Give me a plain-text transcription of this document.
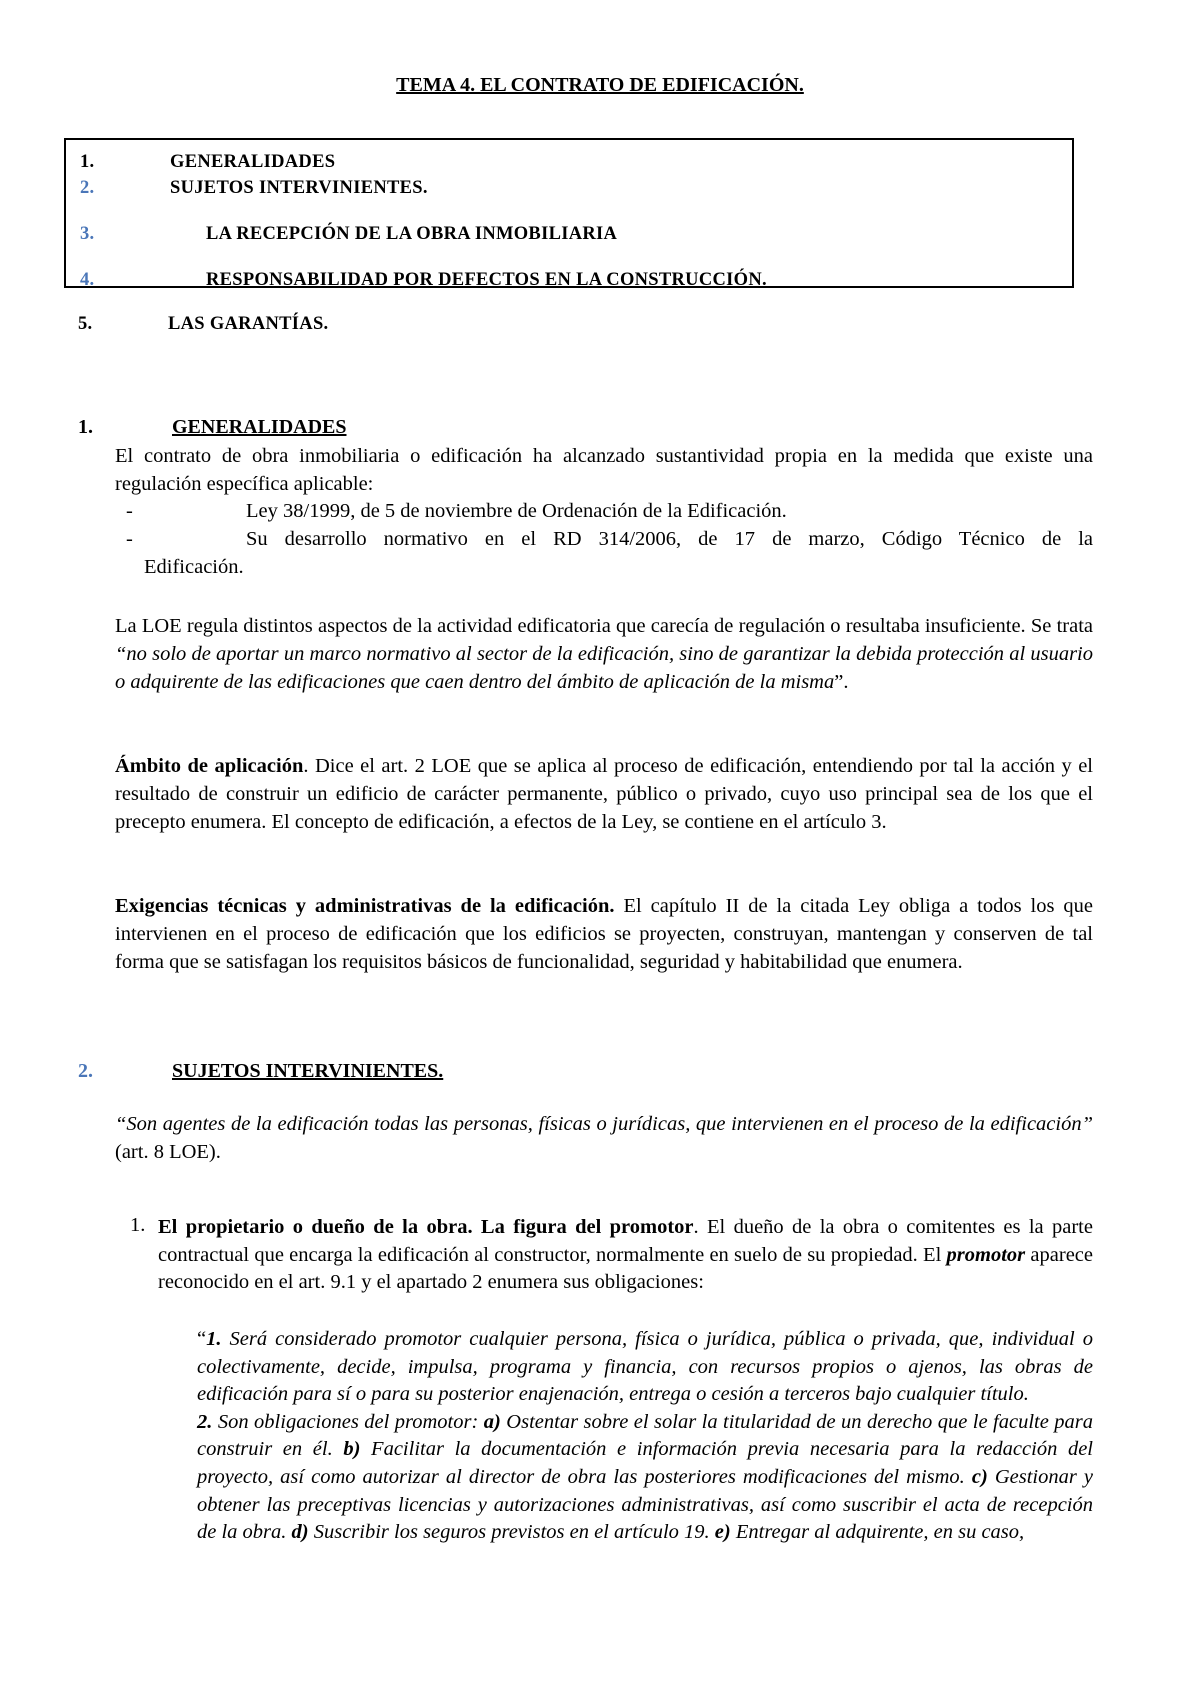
TEMA 4. EL CONTRATO DE EDIFICACIÓN.
1.	GENERALIDADES
2.	SUJETOS INTERVINIENTES.
3.	LA RECEPCIÓN DE LA OBRA INMOBILIARIA
4.	RESPONSABILIDAD POR DEFECTOS EN LA CONSTRUCCIÓN.
5.	LAS GARANTÍAS.
1.	GENERALIDADES
El contrato de obra inmobiliaria o edificación ha alcanzado sustantividad propia en la medida que existe una regulación específica aplicable:
-	Ley 38/1999, de 5 de noviembre de Ordenación de la Edificación.
-	Su desarrollo normativo en el RD 314/2006, de 17 de marzo, Código Técnico de la
Edificación.
La LOE regula distintos aspectos de la actividad edificatoria que carecía de regulación o resultaba insuficiente. Se trata “no solo de aportar un marco normativo al sector de la edificación, sino de garantizar la debida protección al usuario o adquirente de las edificaciones que caen dentro del ámbito de aplicación de la misma”.
Ámbito de aplicación. Dice el art. 2 LOE que se aplica al proceso de edificación, entendiendo por tal la acción y el resultado de construir un edificio de carácter permanente, público o privado, cuyo uso principal sea de los que el precepto enumera. El concepto de edificación, a efectos de la Ley, se contiene en el artículo 3.
Exigencias técnicas y administrativas de la edificación. El capítulo II de la citada Ley obliga a todos los que intervienen en el proceso de edificación que los edificios se proyecten, construyan, mantengan y conserven de tal forma que se satisfagan los requisitos básicos de funcionalidad, seguridad y habitabilidad que enumera.
2.	SUJETOS INTERVINIENTES.
“Son agentes de la edificación todas las personas, físicas o jurídicas, que intervienen en el proceso de la edificación” (art. 8 LOE).
1. El propietario o dueño de la obra. La figura del promotor. El dueño de la obra o comitentes es la parte contractual que encarga la edificación al constructor, normalmente en suelo de su propiedad. El promotor aparece reconocido en el art. 9.1 y el apartado 2 enumera sus obligaciones:
“1. Será considerado promotor cualquier persona, física o jurídica, pública o privada, que, individual o colectivamente, decide, impulsa, programa y financia, con recursos propios o ajenos, las obras de edificación para sí o para su posterior enajenación, entrega o cesión a terceros bajo cualquier título.
2. Son obligaciones del promotor: a) Ostentar sobre el solar la titularidad de un derecho que le faculte para construir en él. b) Facilitar la documentación e información previa necesaria para la redacción del proyecto, así como autorizar al director de obra las posteriores modificaciones del mismo. c) Gestionar y obtener las preceptivas licencias y autorizaciones administrativas, así como suscribir el acta de recepción de la obra. d) Suscribir los seguros previstos en el artículo 19. e) Entregar al adquirente, en su caso,
